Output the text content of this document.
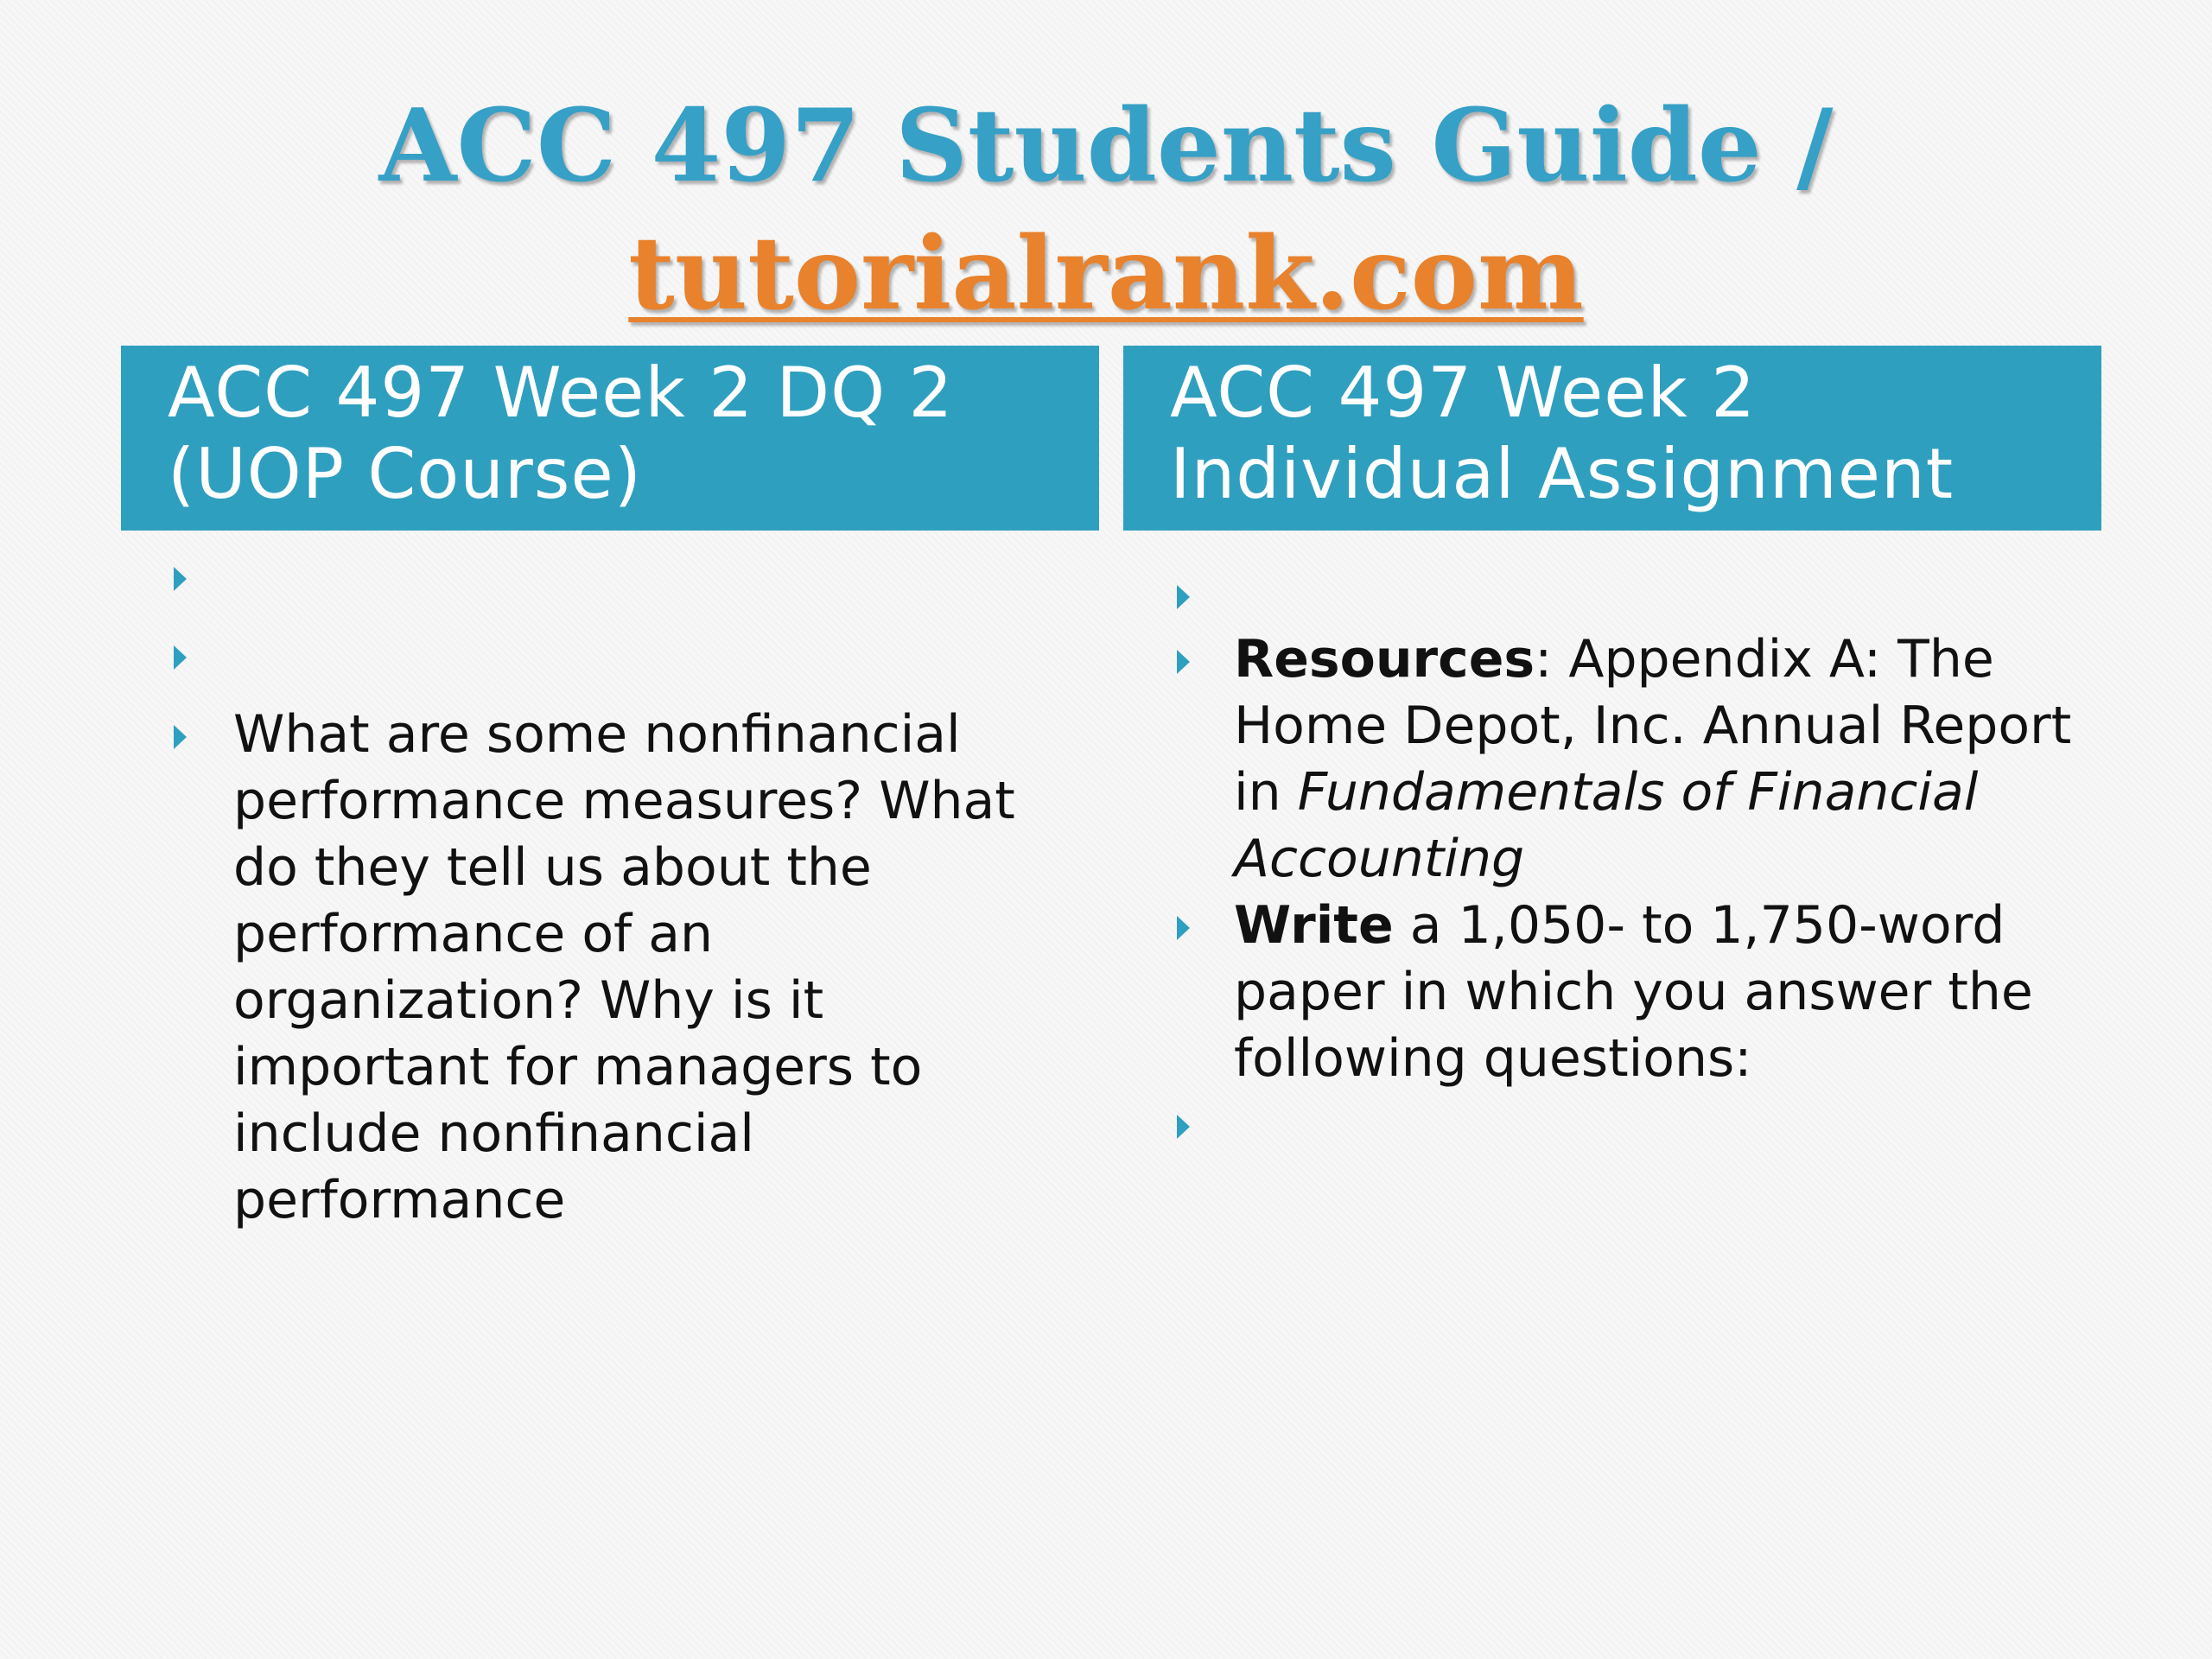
ACC 497 Students Guide /
tutorialrank.com
ACC 497 Week 2 DQ 2
(UOP Course)
ACC 497 Week 2
Individual Assignment

What are some nonfinancial performance measures? What do they tell us about the performance of an organization? Why is it important for managers to include nonfinancial performance

Resources: Appendix A: The Home Depot, Inc. Annual Report in Fundamentals of Financial Accounting

Write a 1,050- to 1,750-word paper in which you answer the following questions:
